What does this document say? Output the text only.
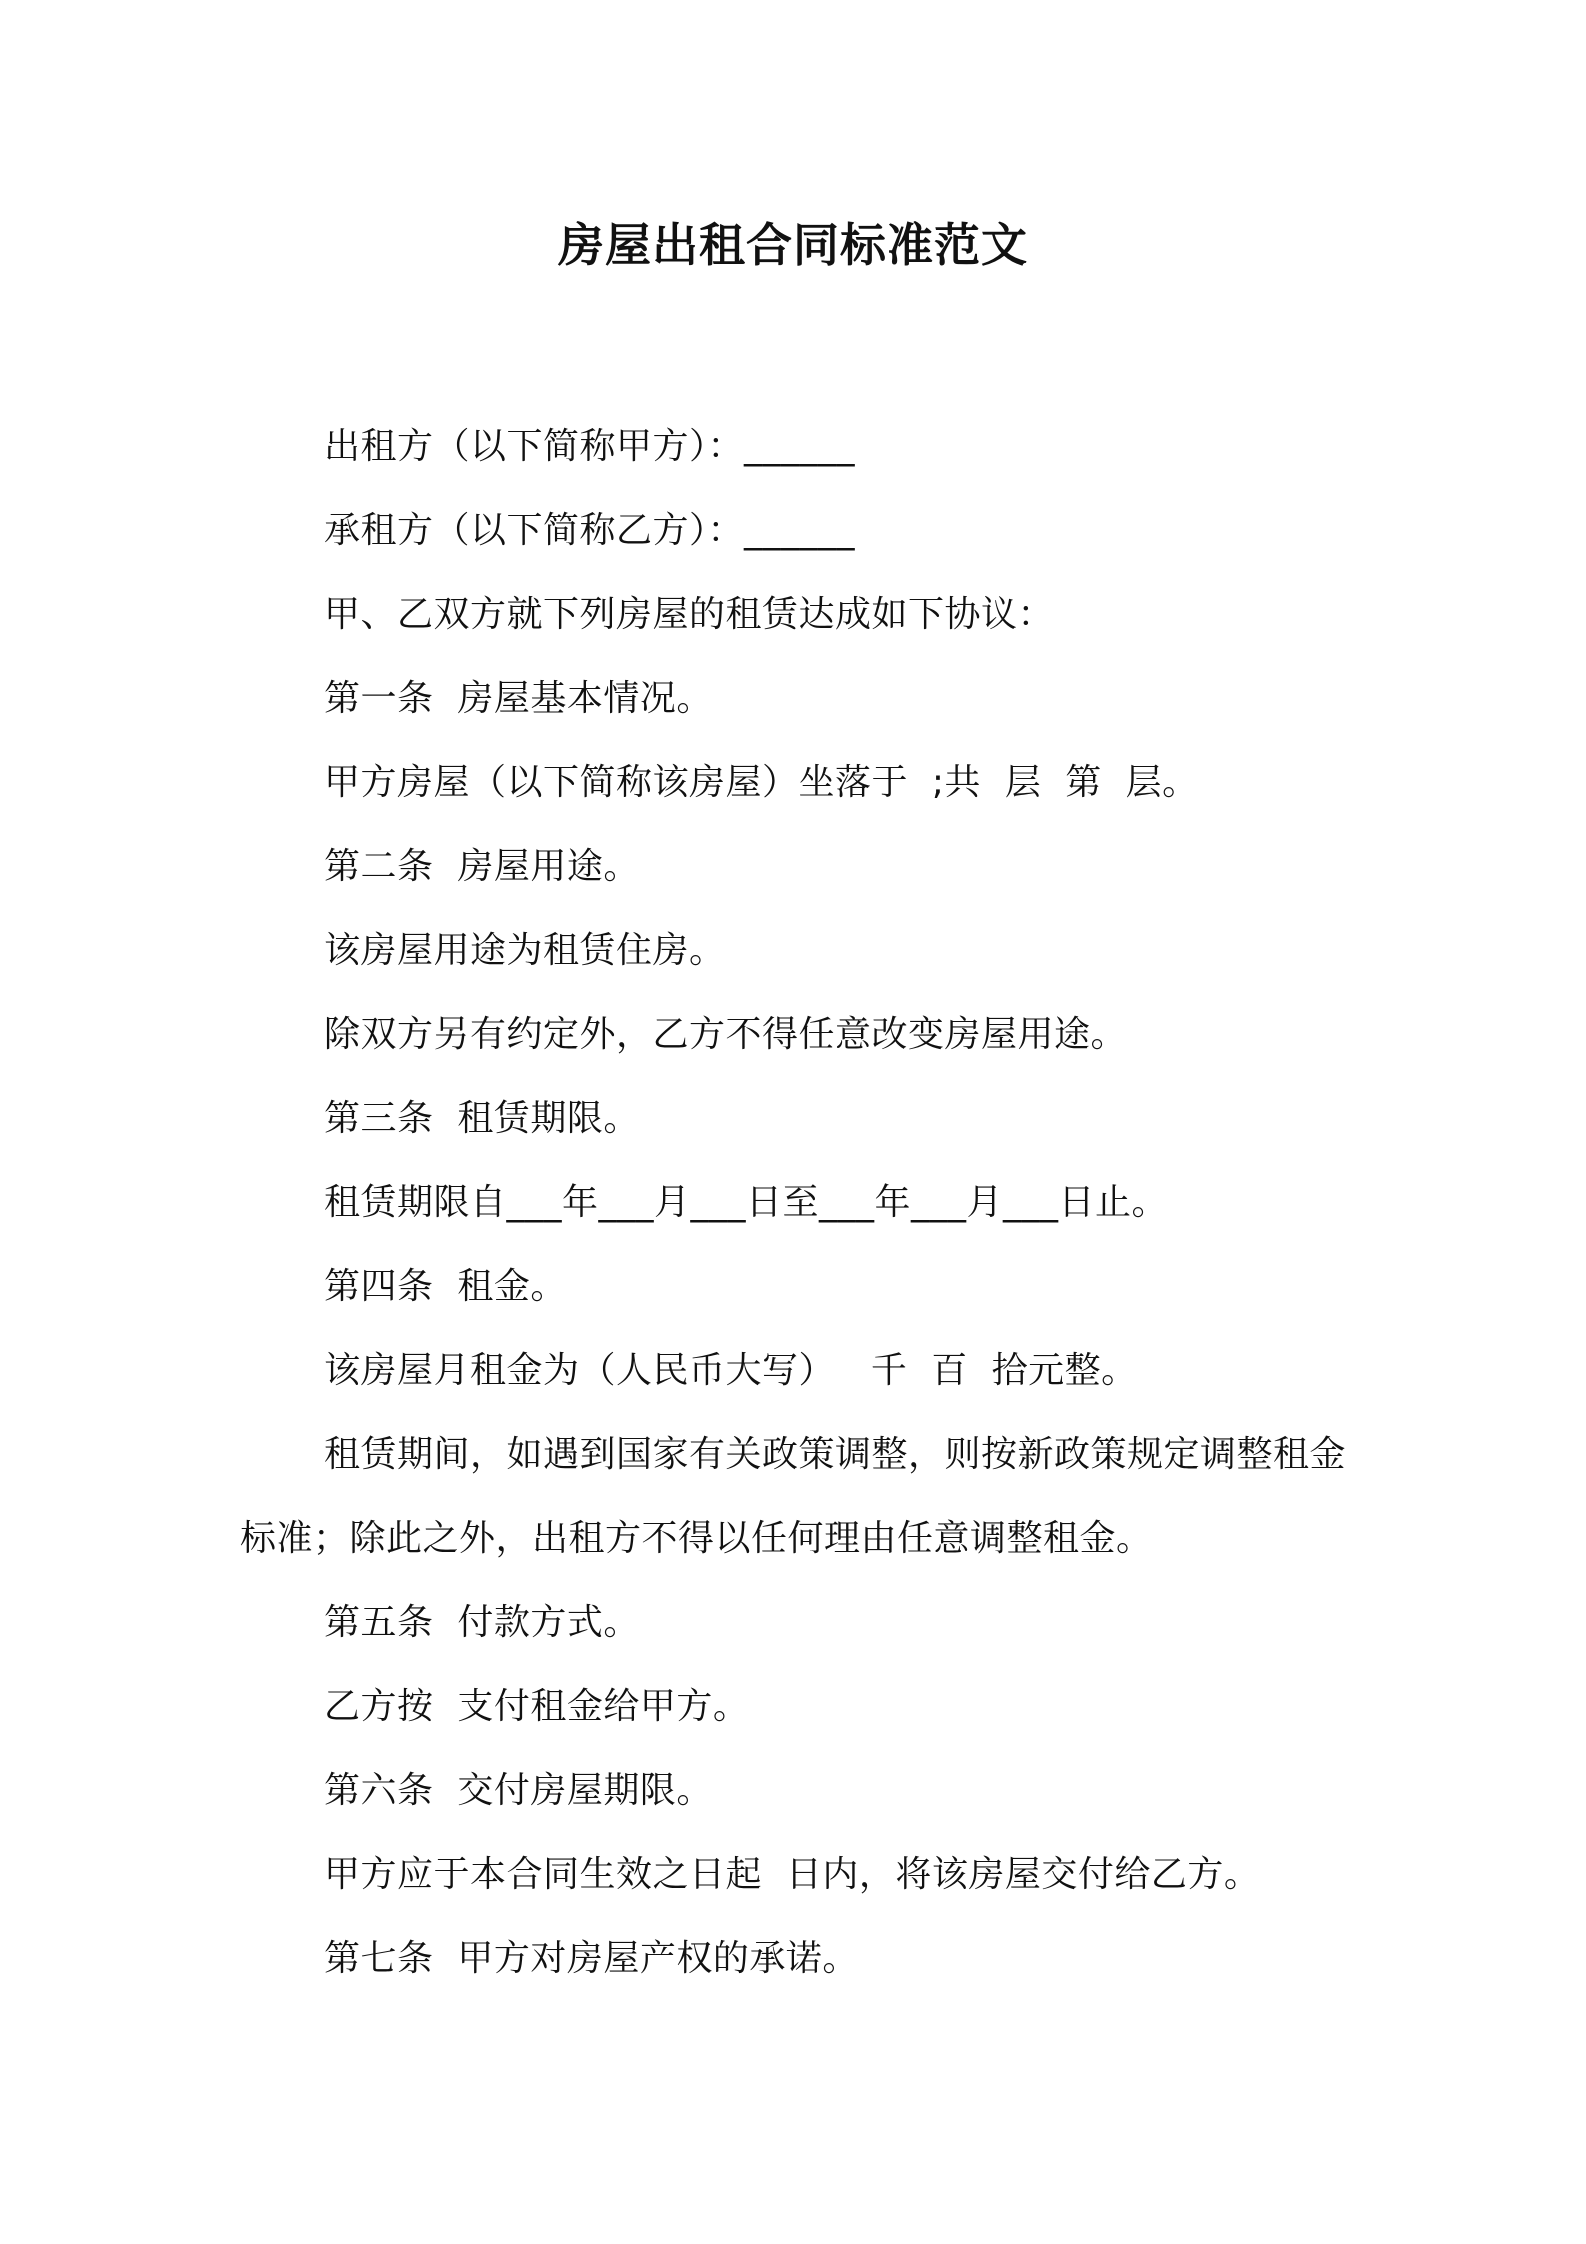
房屋出租合同标准范文

出租方（以下简称甲方）：______

承租方（以下简称乙方）：______

甲、乙双方就下列房屋的租赁达成如下协议：

第一条  房屋基本情况。

甲方房屋（以下简称该房屋）坐落于  ;共  层  第  层。

第二条  房屋用途。

该房屋用途为租赁住房。

除双方另有约定外，乙方不得任意改变房屋用途。

第三条  租赁期限。

租赁期限自___年___月___日至___年___月___日止。

第四条  租金。

该房屋月租金为（人民币大写）   千  百  拾元整。

租赁期间，如遇到国家有关政策调整，则按新政策规定调整租金标准；除此之外，出租方不得以任何理由任意调整租金。

第五条  付款方式。

乙方按  支付租金给甲方。

第六条  交付房屋期限。

甲方应于本合同生效之日起  日内，将该房屋交付给乙方。

第七条  甲方对房屋产权的承诺。
